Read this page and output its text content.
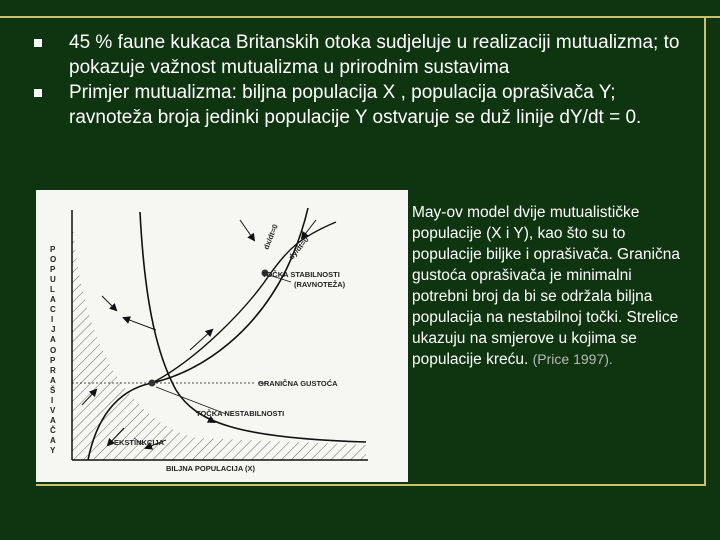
45 % faune kukaca Britanskih otoka sudjeluje u realizaciji mutualizma; to pokazuje važnost mutualizma u prirodnim sustavima
Primjer mutualizma: biljna populacija X , populacija oprašivača Y; ravnoteža broja jedinki populacije Y ostvaruje se duž linije dY/dt = 0.
P
O
P
U
L
A
C
I
J
A
O
P
R
A
Š
I
V
A
Č
A
Y
dx/dt=0 dy/dt=0
TOČKA STABILNOSTI
(RAVNOTEŽA)
GRANIČNA GUSTOĆA
TOČKA NESTABILNOSTI
EKSTINKCIJA
BILJNA POPULACIJA (X)
May-ov model dvije mutualističke populacije (X i Y), kao što su to populacije biljke i oprašivača. Granična gustoća oprašivača je minimalni potrebni broj da bi se održala biljna populacija na nestabilnoj točki. Strelice ukazuju na smjerove u kojima se populacije kreću. (Price 1997).
